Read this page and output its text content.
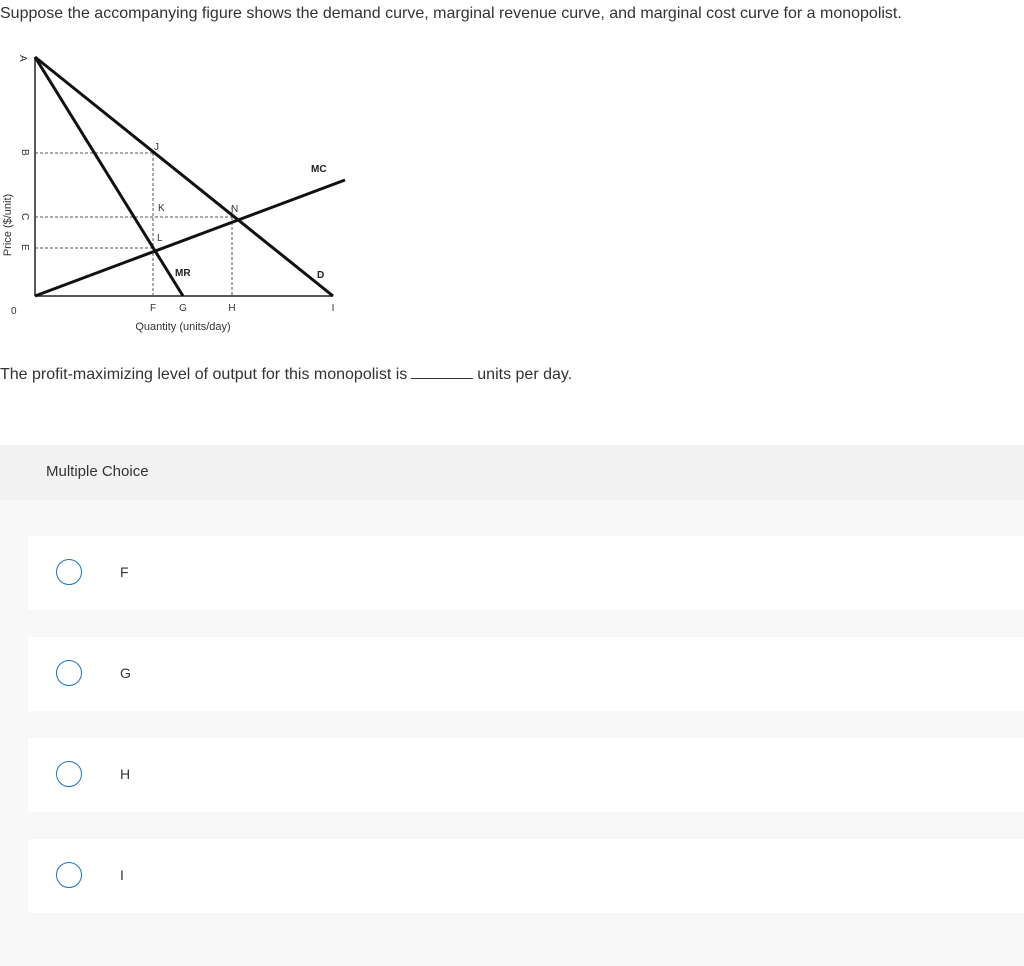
Suppose the accompanying figure shows the demand curve, marginal revenue curve, and marginal cost curve for a monopolist.

Price ($/unit)
A
B
C
E
0	F G	H	I
Quantity (units/day)
J
K	N
L
MC
MR	D
The profit-maximizing level of output for this monopolist is	units per day.
Multiple Choice
F
G
H
I
